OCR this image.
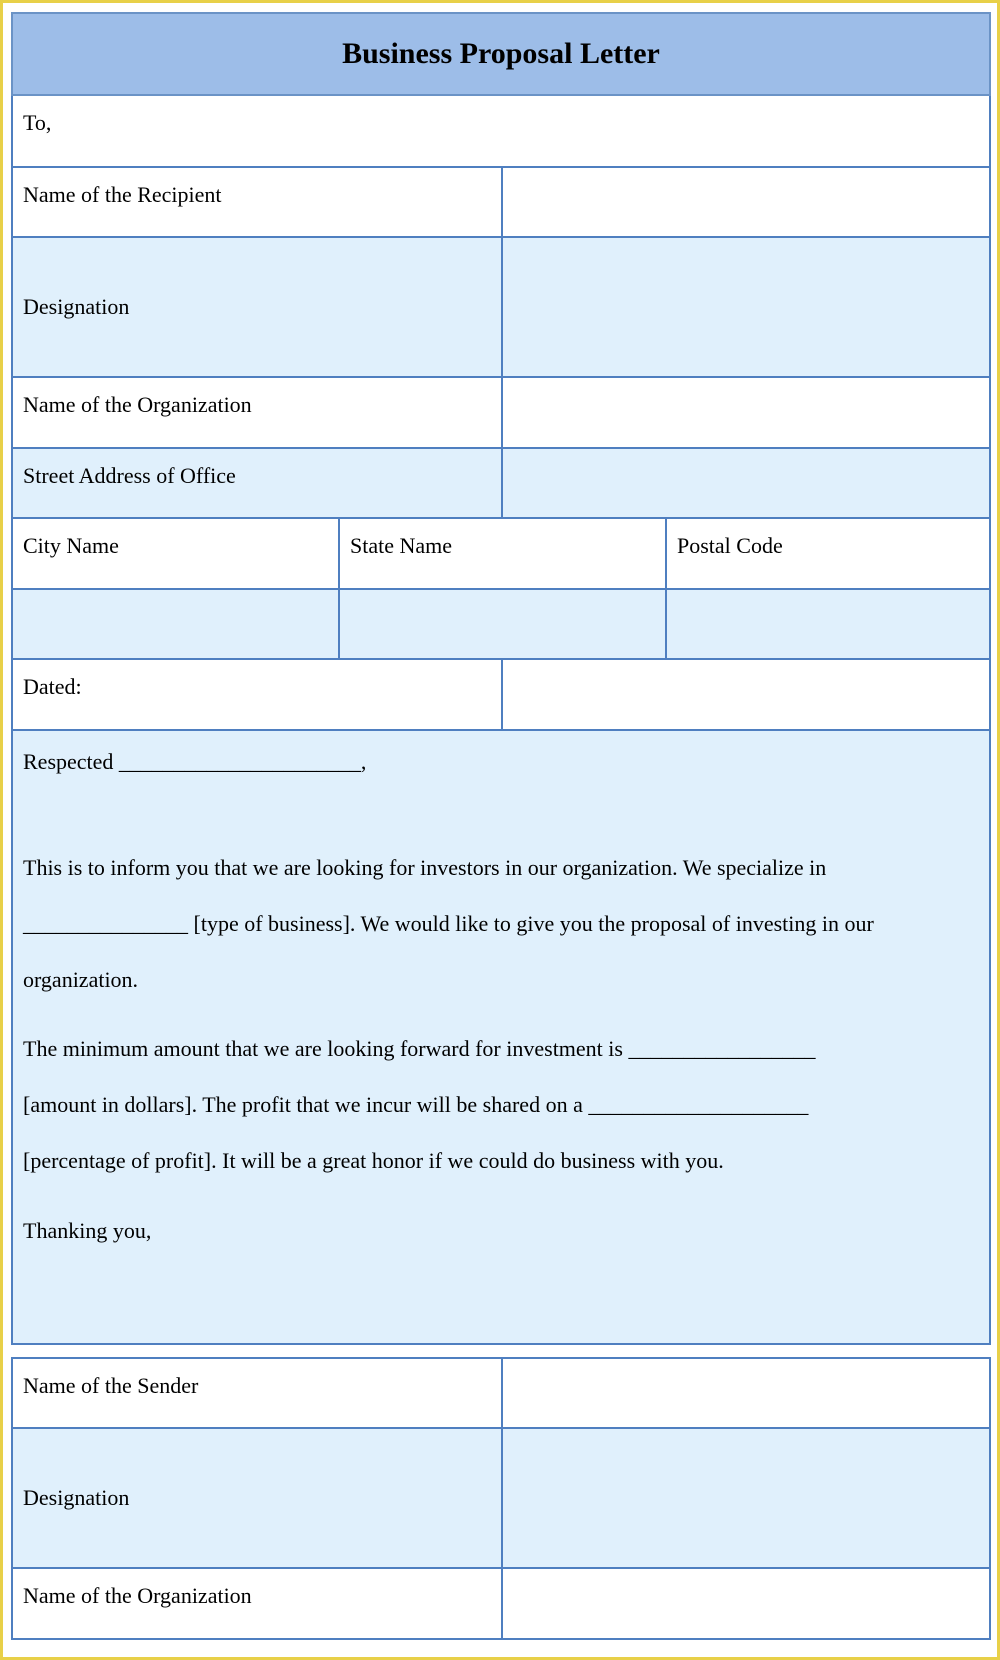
Business Proposal Letter
To,
Name of the Recipient
Designation
Name of the Organization
Street Address of Office
City Name	State Name	Postal Code
Dated:
Respected ______________________,
This is to inform you that we are looking for investors in our organization. We specialize in
_______________ [type of business]. We would like to give you the proposal of investing in our
organization.
The minimum amount that we are looking forward for investment is _________________
[amount in dollars]. The profit that we incur will be shared on a ____________________
[percentage of profit]. It will be a great honor if we could do business with you.
Thanking you,
Name of the Sender
Designation
Name of the Organization
